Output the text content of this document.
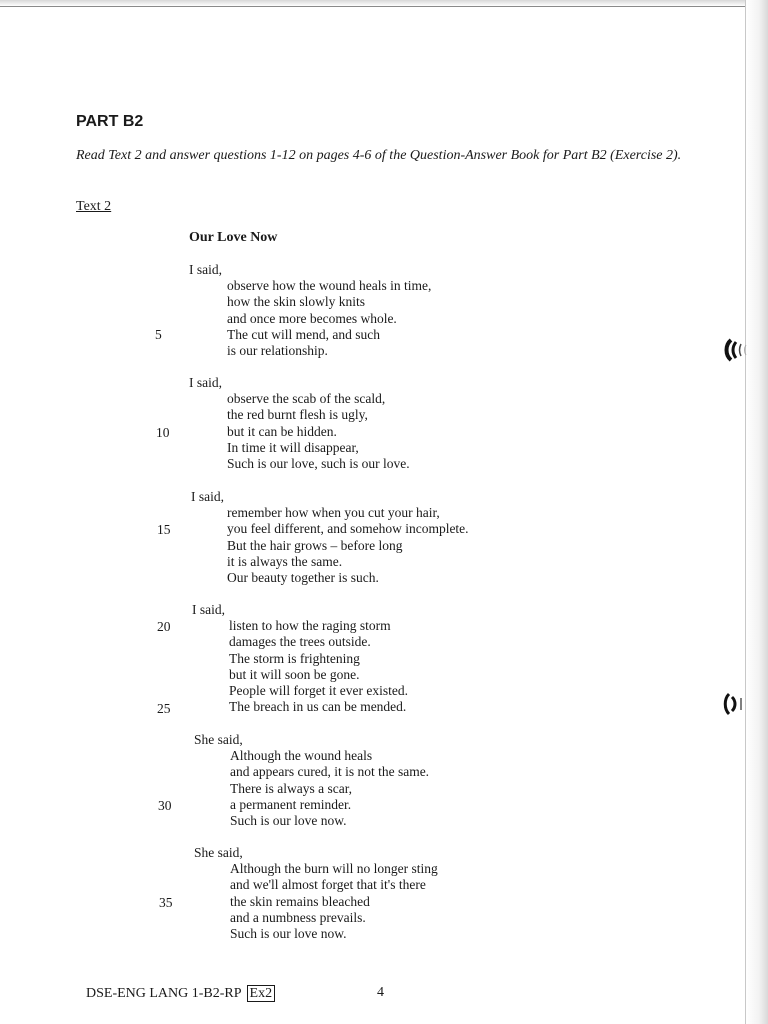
PART B2

Read Text 2 and answer questions 1-12 on pages 4-6 of the Question-Answer Book for Part B2 (Exercise 2).

Text 2

Our Love Now
I said,
observe how the wound heals in time,
how the skin slowly knits
and once more becomes whole.
The cut will mend, and such
is our relationship.
I said,
observe the scab of the scald,
the red burnt flesh is ugly,
but it can be hidden.
In time it will disappear,
Such is our love, such is our love.
I said,
remember how when you cut your hair,
you feel different, and somehow incomplete.
But the hair grows – before long
it is always the same.
Our beauty together is such.
I said,
listen to how the raging storm
damages the trees outside.
The storm is frightening
but it will soon be gone.
People will forget it ever existed.
The breach in us can be mended.
She said,
Although the wound heals
and appears cured, it is not the same.
There is always a scar,
a permanent reminder.
Such is our love now.
She said,
Although the burn will no longer sting
and we'll almost forget that it's there
the skin remains bleached
and a numbness prevails.
Such is our love now.
5
10
15
20
25
30
35
DSE-ENG LANG 1-B2-RP Ex2	4
